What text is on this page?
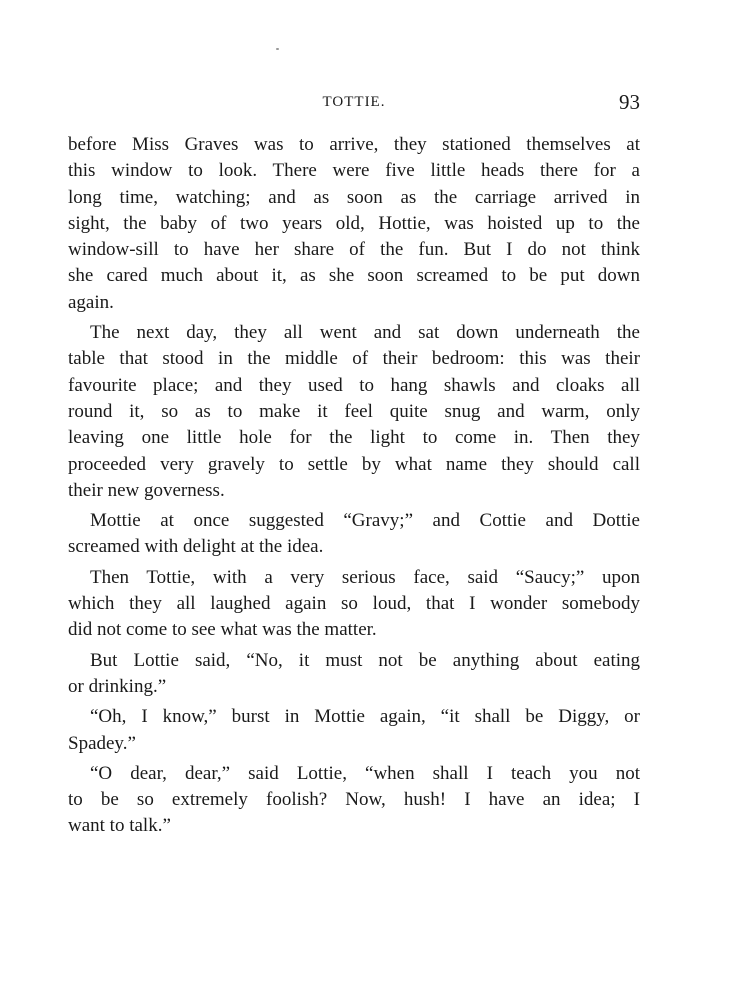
TOTTIE.	93

before Miss Graves was to arrive, they stationed themselves at
this window to look. There were five little heads there for a
long time, watching; and as soon as the carriage arrived in
sight, the baby of two years old, Hottie, was hoisted up to the
window-sill to have her share of the fun. But I do not think
she cared much about it, as she soon screamed to be put down
again.

The next day, they all went and sat down underneath the
table that stood in the middle of their bedroom: this was their
favourite place; and they used to hang shawls and cloaks all
round it, so as to make it feel quite snug and warm, only
leaving one little hole for the light to come in. Then they
proceeded very gravely to settle by what name they should call
their new governess.

Mottie at once suggested “Gravy;” and Cottie and Dottie
screamed with delight at the idea.

Then Tottie, with a very serious face, said “Saucy;” upon
which they all laughed again so loud, that I wonder somebody
did not come to see what was the matter.

But Lottie said, “No, it must not be anything about eating
or drinking.”

“Oh, I know,” burst in Mottie again, “it shall be Diggy, or
Spadey.”

“O dear, dear,” said Lottie, “when shall I teach you not
to be so extremely foolish? Now, hush! I have an idea; I
want to talk.”
